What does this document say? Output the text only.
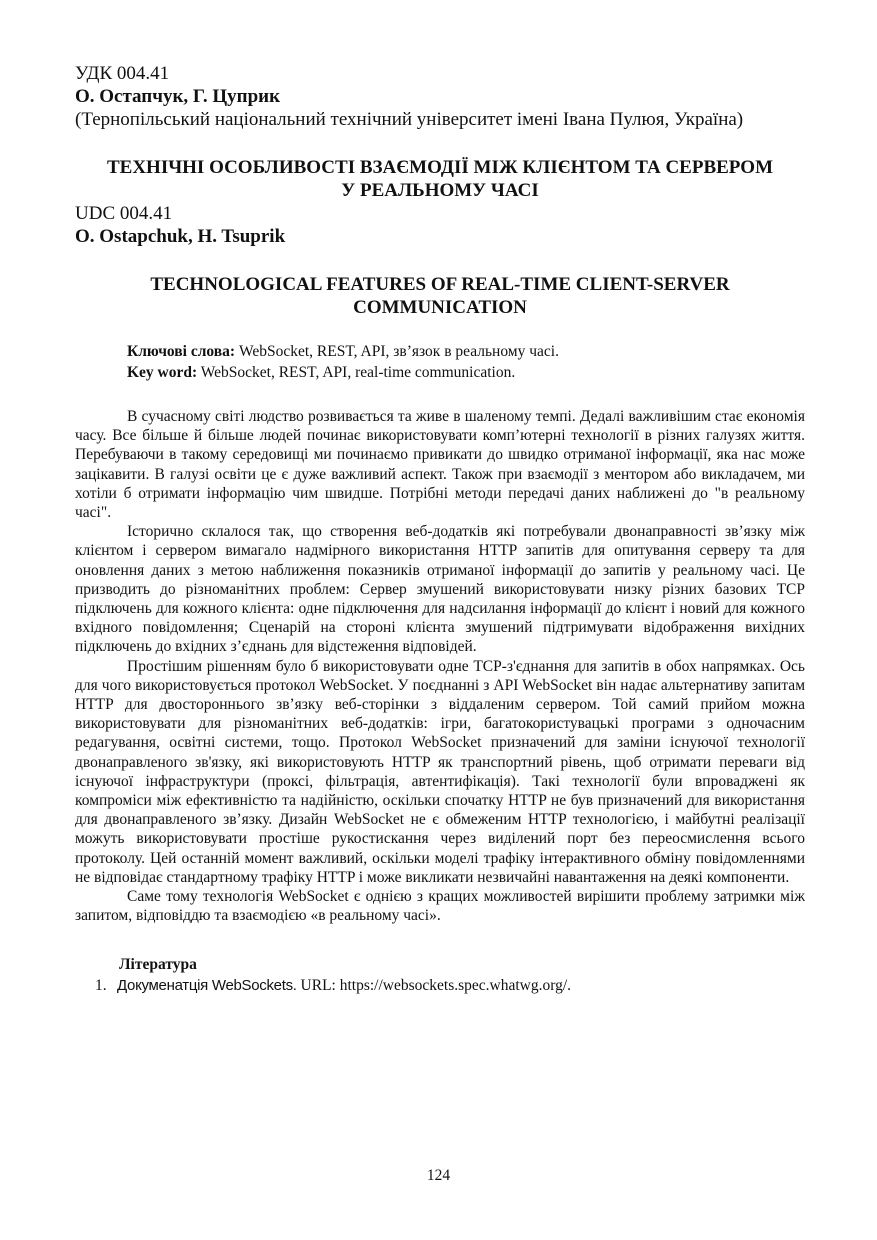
УДК 004.41
О. Остапчук, Г. Цуприк
(Тернопільський національний технічний університет імені Івана Пулюя, Україна)

ТЕХНІЧНІ ОСОБЛИВОСТІ ВЗАЄМОДІЇ МІЖ КЛІЄНТОМ ТА СЕРВЕРОМ

У РЕАЛЬНОМУ ЧАСІ

UDC 004.41
O. Ostapchuk, H. Tsuprik

TECHNOLOGICAL FEATURES OF REAL-TIME CLIENT-SERVER

COMMUNICATION

Ключові слова: WebSocket, REST, API, зв’язок в реальному часі.
Key word: WebSocket, REST, API, real-time communication.

В сучасному світі людство розвивається та живе в шаленому темпі. Дедалі важливішим стає економія часу. Все більше й більше людей починає використовувати комп’ютерні технології в різних галузях життя. Перебуваючи в такому середовищі ми починаємо привикати до швидко отриманої інформації, яка нас може зацікавити. В галузі освіти це є дуже важливий аспект. Також при взаємодії з ментором або викладачем, ми хотіли б отримати інформацію чим швидше. Потрібні методи передачі даних наближені до "в реальному часі".

Історично склалося так, що створення веб-додатків які потребували двонаправності зв’язку між клієнтом і сервером вимагало надмірного використання HTTP запитів для опитування серверу та для оновлення даних з метою наближення показників отриманої інформації до запитів у реальному часі. Це призводить до різноманітних проблем: Сервер змушений використовувати низку різних базових TCP підключень для кожного клієнта: одне підключення для надсилання інформації до клієнт і новий для кожного вхідного повідомлення; Сценарій на стороні клієнта змушений підтримувати відображення вихідних підключень до вхідних з’єднань для відстеження відповідей.

Простішим рішенням було б використовувати одне TCP-з'єднання для запитів в обох напрямках. Ось для чого використовується протокол WebSocket. У поєднанні з API WebSocket він надає альтернативу запитам HTTP для двостороннього зв’язку веб-сторінки з віддаленим сервером. Той самий прийом можна використовувати для різноманітних веб-додатків: ігри, багатокористувацькі програми з одночасним редагування, освітні системи, тощо. Протокол WebSocket призначений для заміни існуючої технології двонаправленого зв'язку, які використовують HTTP як транспортний рівень, щоб отримати переваги від існуючої інфраструктури (проксі, фільтрація, автентифікація). Такі технології були впроваджені як компроміси між ефективністю та надійністю, оскільки спочатку HTTP не був призначений для використання для двонаправленого зв’язку. Дизайн WebSocket не є обмеженим HTTP технологією, і майбутні реалізації можуть використовувати простіше рукостискання через виділений порт без переосмислення всього протоколу. Цей останній момент важливий, оскільки моделі трафіку інтерактивного обміну повідомленнями не відповідає стандартному трафіку HTTP і може викликати незвичайні навантаження на деякі компоненти.

Саме тому технологія WebSocket є однією з кращих можливостей вирішити проблему затримки між запитом, відповіддю та взаємодією «в реальному часі».

Література
1. Докуменатція WebSockets. URL: https://websockets.spec.whatwg.org/.
124
